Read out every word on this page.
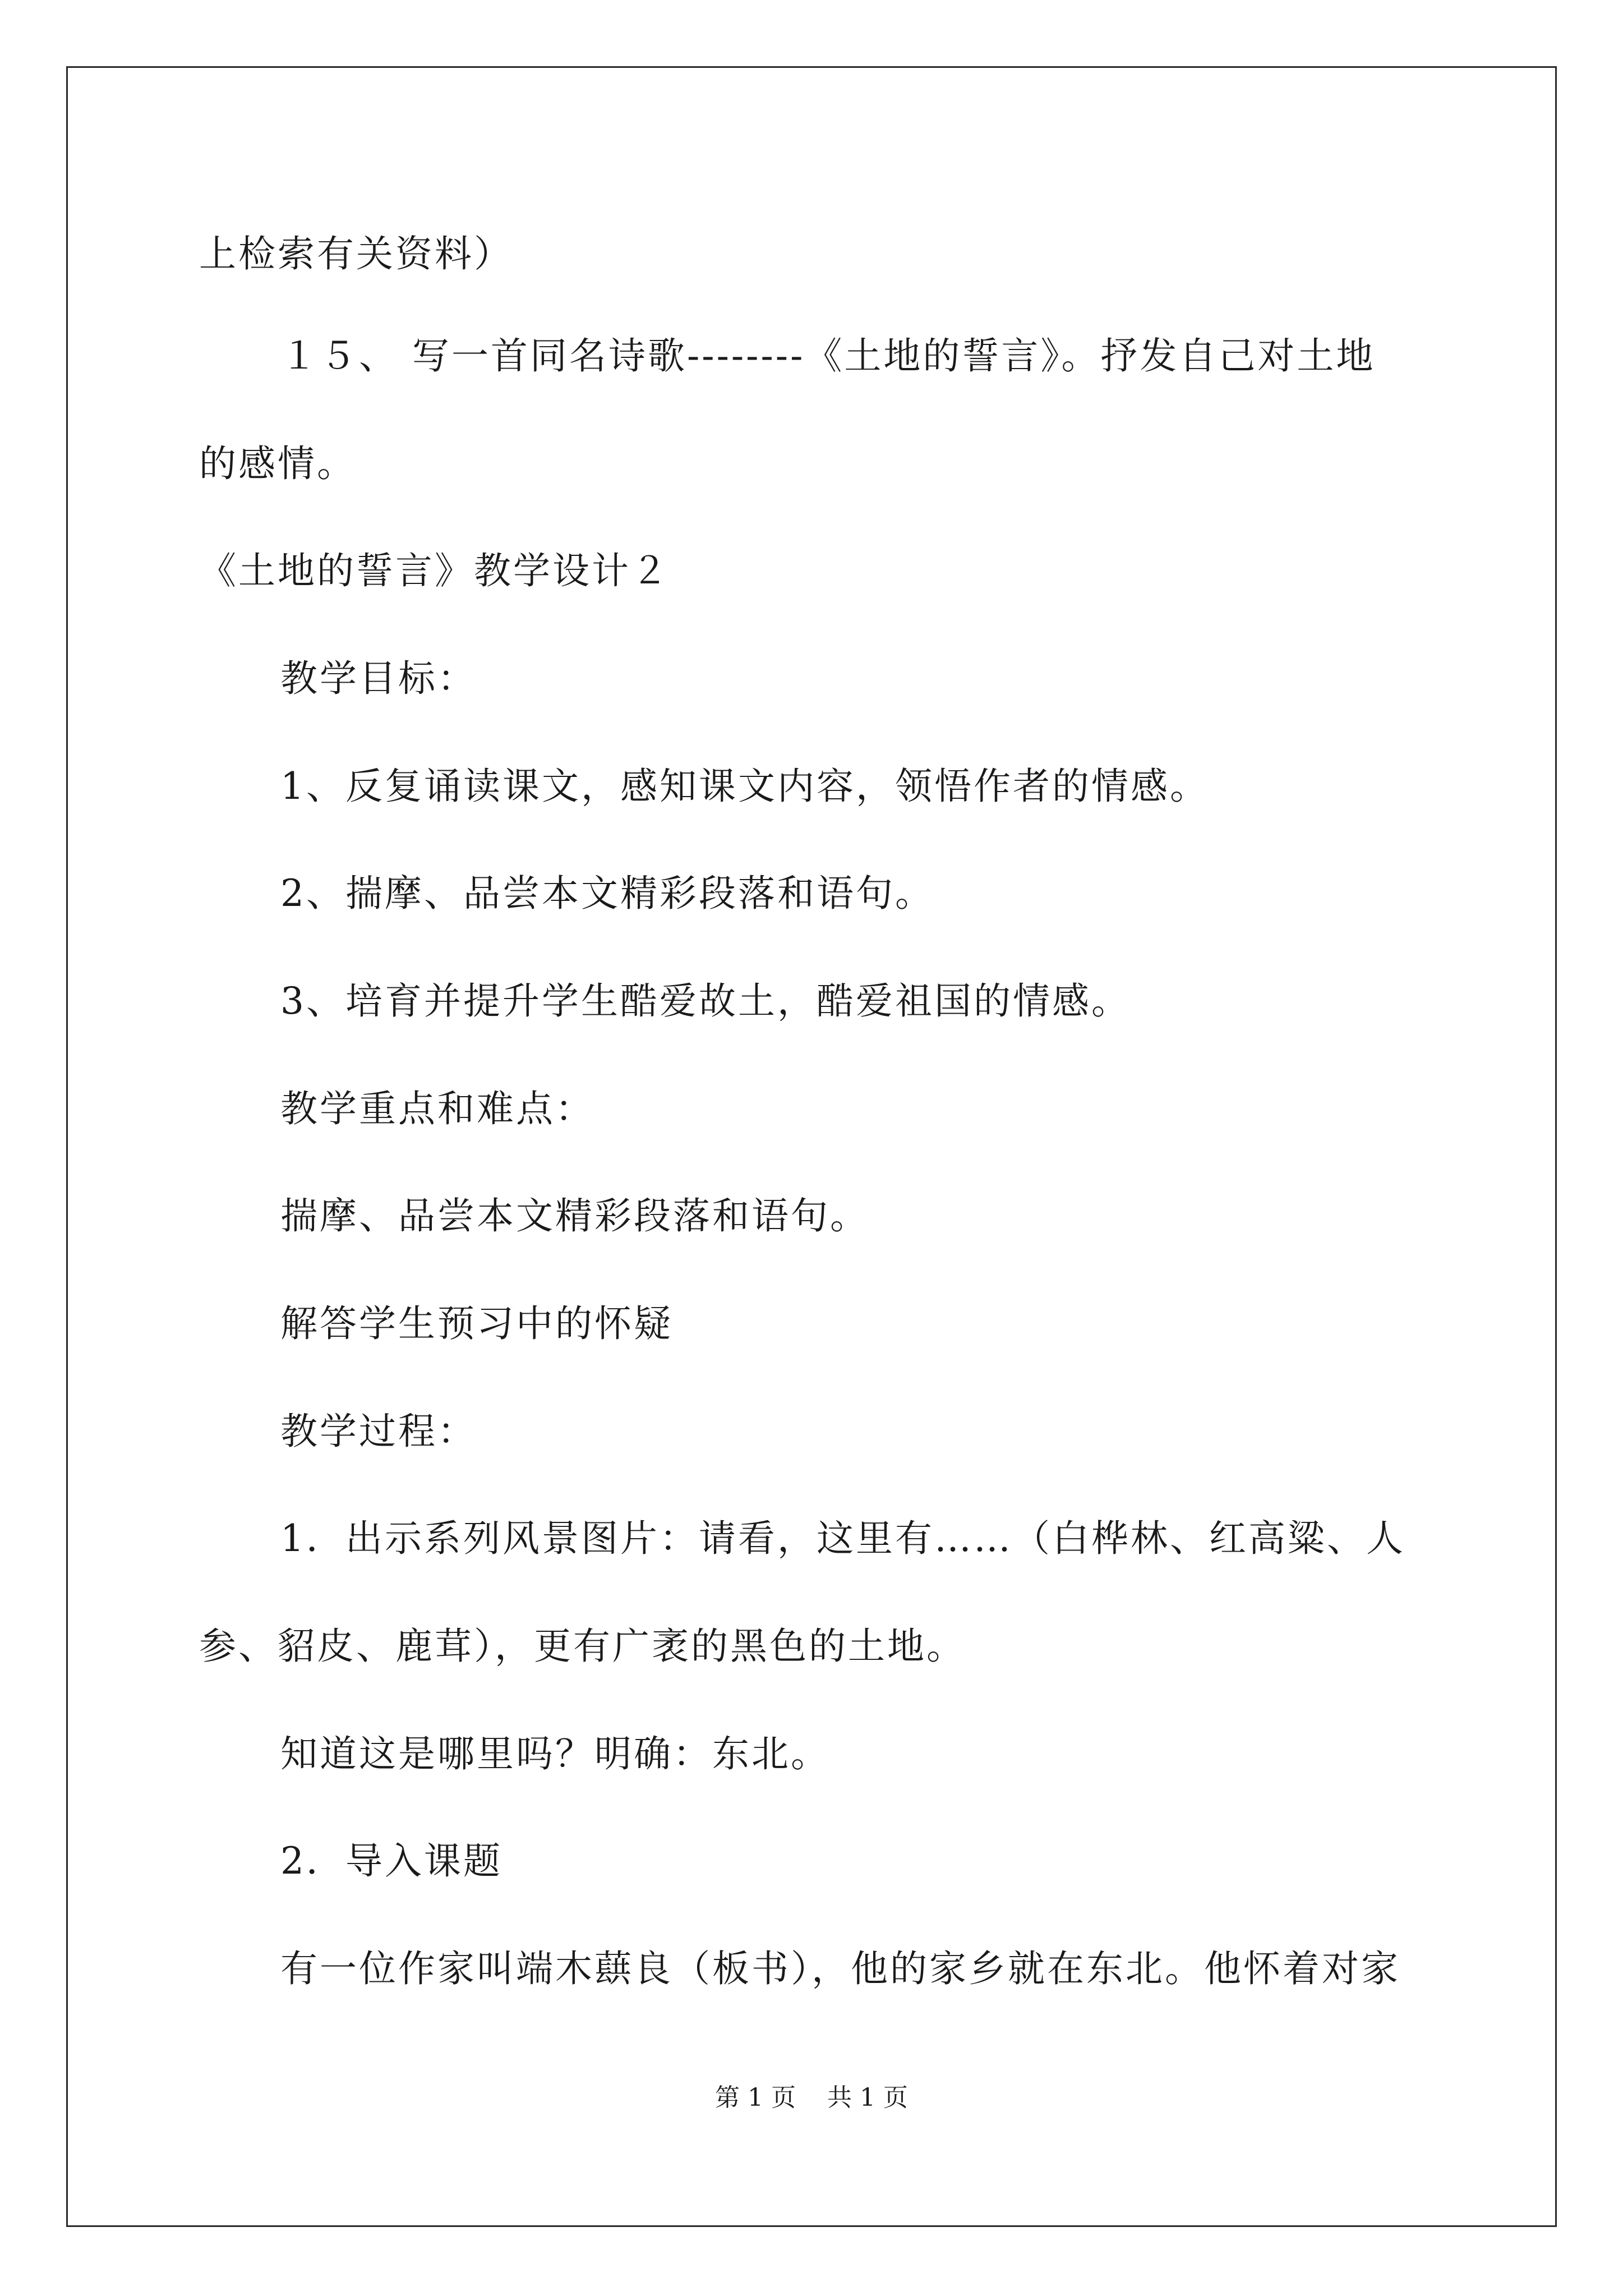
上检索有关资料）
１５、 写一首同名诗歌--------《土地的誓言》。抒发自己对土地
的感情。
《土地的誓言》教学设计２
教学目标：
1、反复诵读课文，感知课文内容，领悟作者的情感。
2、揣摩、品尝本文精彩段落和语句。
3、培育并提升学生酷爱故土，酷爱祖国的情感。
教学重点和难点：
揣摩、品尝本文精彩段落和语句。
解答学生预习中的怀疑
教学过程：
1．出示系列风景图片：请看，这里有……（白桦林、红高粱、人
参、貂皮、鹿茸），更有广袤的黑色的土地。
知道这是哪里吗？明确：东北。
2．导入课题
有一位作家叫端木蕻良（板书），他的家乡就在东北。他怀着对家
第 1 页    共 1 页
